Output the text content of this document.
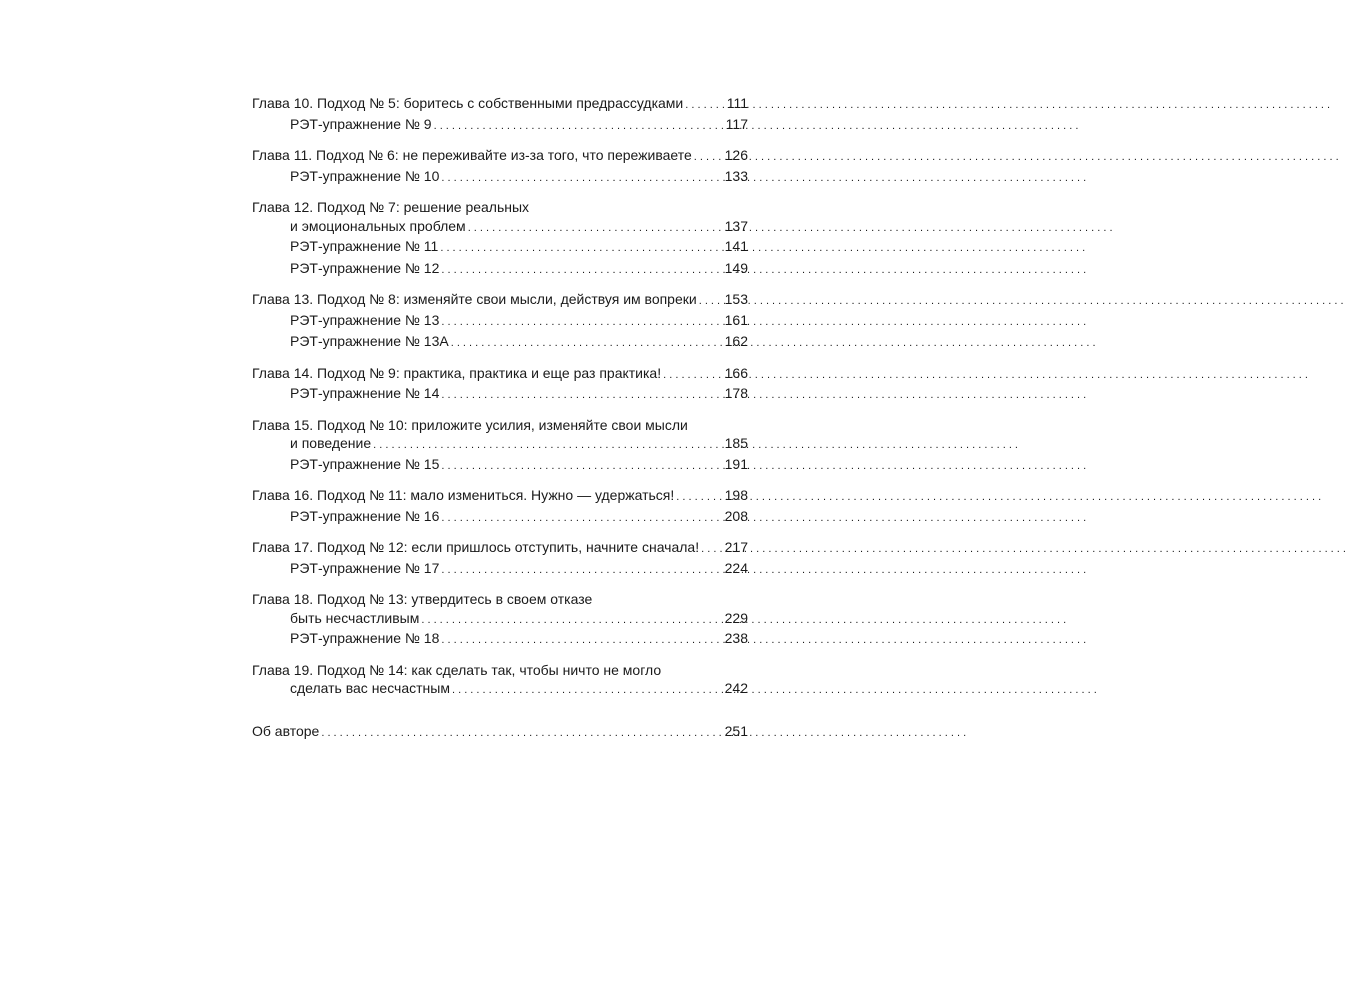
Глава 10. Подход № 5: боритесь с собственными предрассудками . . .	111
РЭТ-упражнение № 9 . . .	117
Глава 11. Подход № 6: не переживайте из-за того, что переживаете . . . 126
РЭТ-упражнение № 10 . . .	133
Глава 12. Подход № 7: решение реальных
и эмоциональных проблем . . .	137
РЭТ-упражнение № 11 . . .	141
РЭТ-упражнение № 12 . . .	149
Глава 13. Подход № 8: изменяйте свои мысли, действуя им вопреки . . . 153
РЭТ-упражнение № 13 . . .	161
РЭТ-упражнение № 13А . . .	162
Глава 14. Подход № 9: практика, практика и еще раз практика! . . .	166
РЭТ-упражнение № 14 . . .	178
Глава 15. Подход № 10: приложите усилия, изменяйте свои мысли
и поведение . . .	185
РЭТ-упражнение № 15 . . .	191
Глава 16. Подход № 11: мало измениться. Нужно — удержаться! . . .	198
РЭТ-упражнение № 16 . . .	208
Глава 17. Подход № 12: если пришлось отступить, начните сначала! . . . 217
РЭТ-упражнение № 17 . . .	224
Глава 18. Подход № 13: утвердитесь в своем отказе
быть несчастливым . . .	229
РЭТ-упражнение № 18 . . .	238
Глава 19. Подход № 14: как сделать так, чтобы ничто не могло
сделать вас несчастным . . .	242
Об авторе . . .	251
